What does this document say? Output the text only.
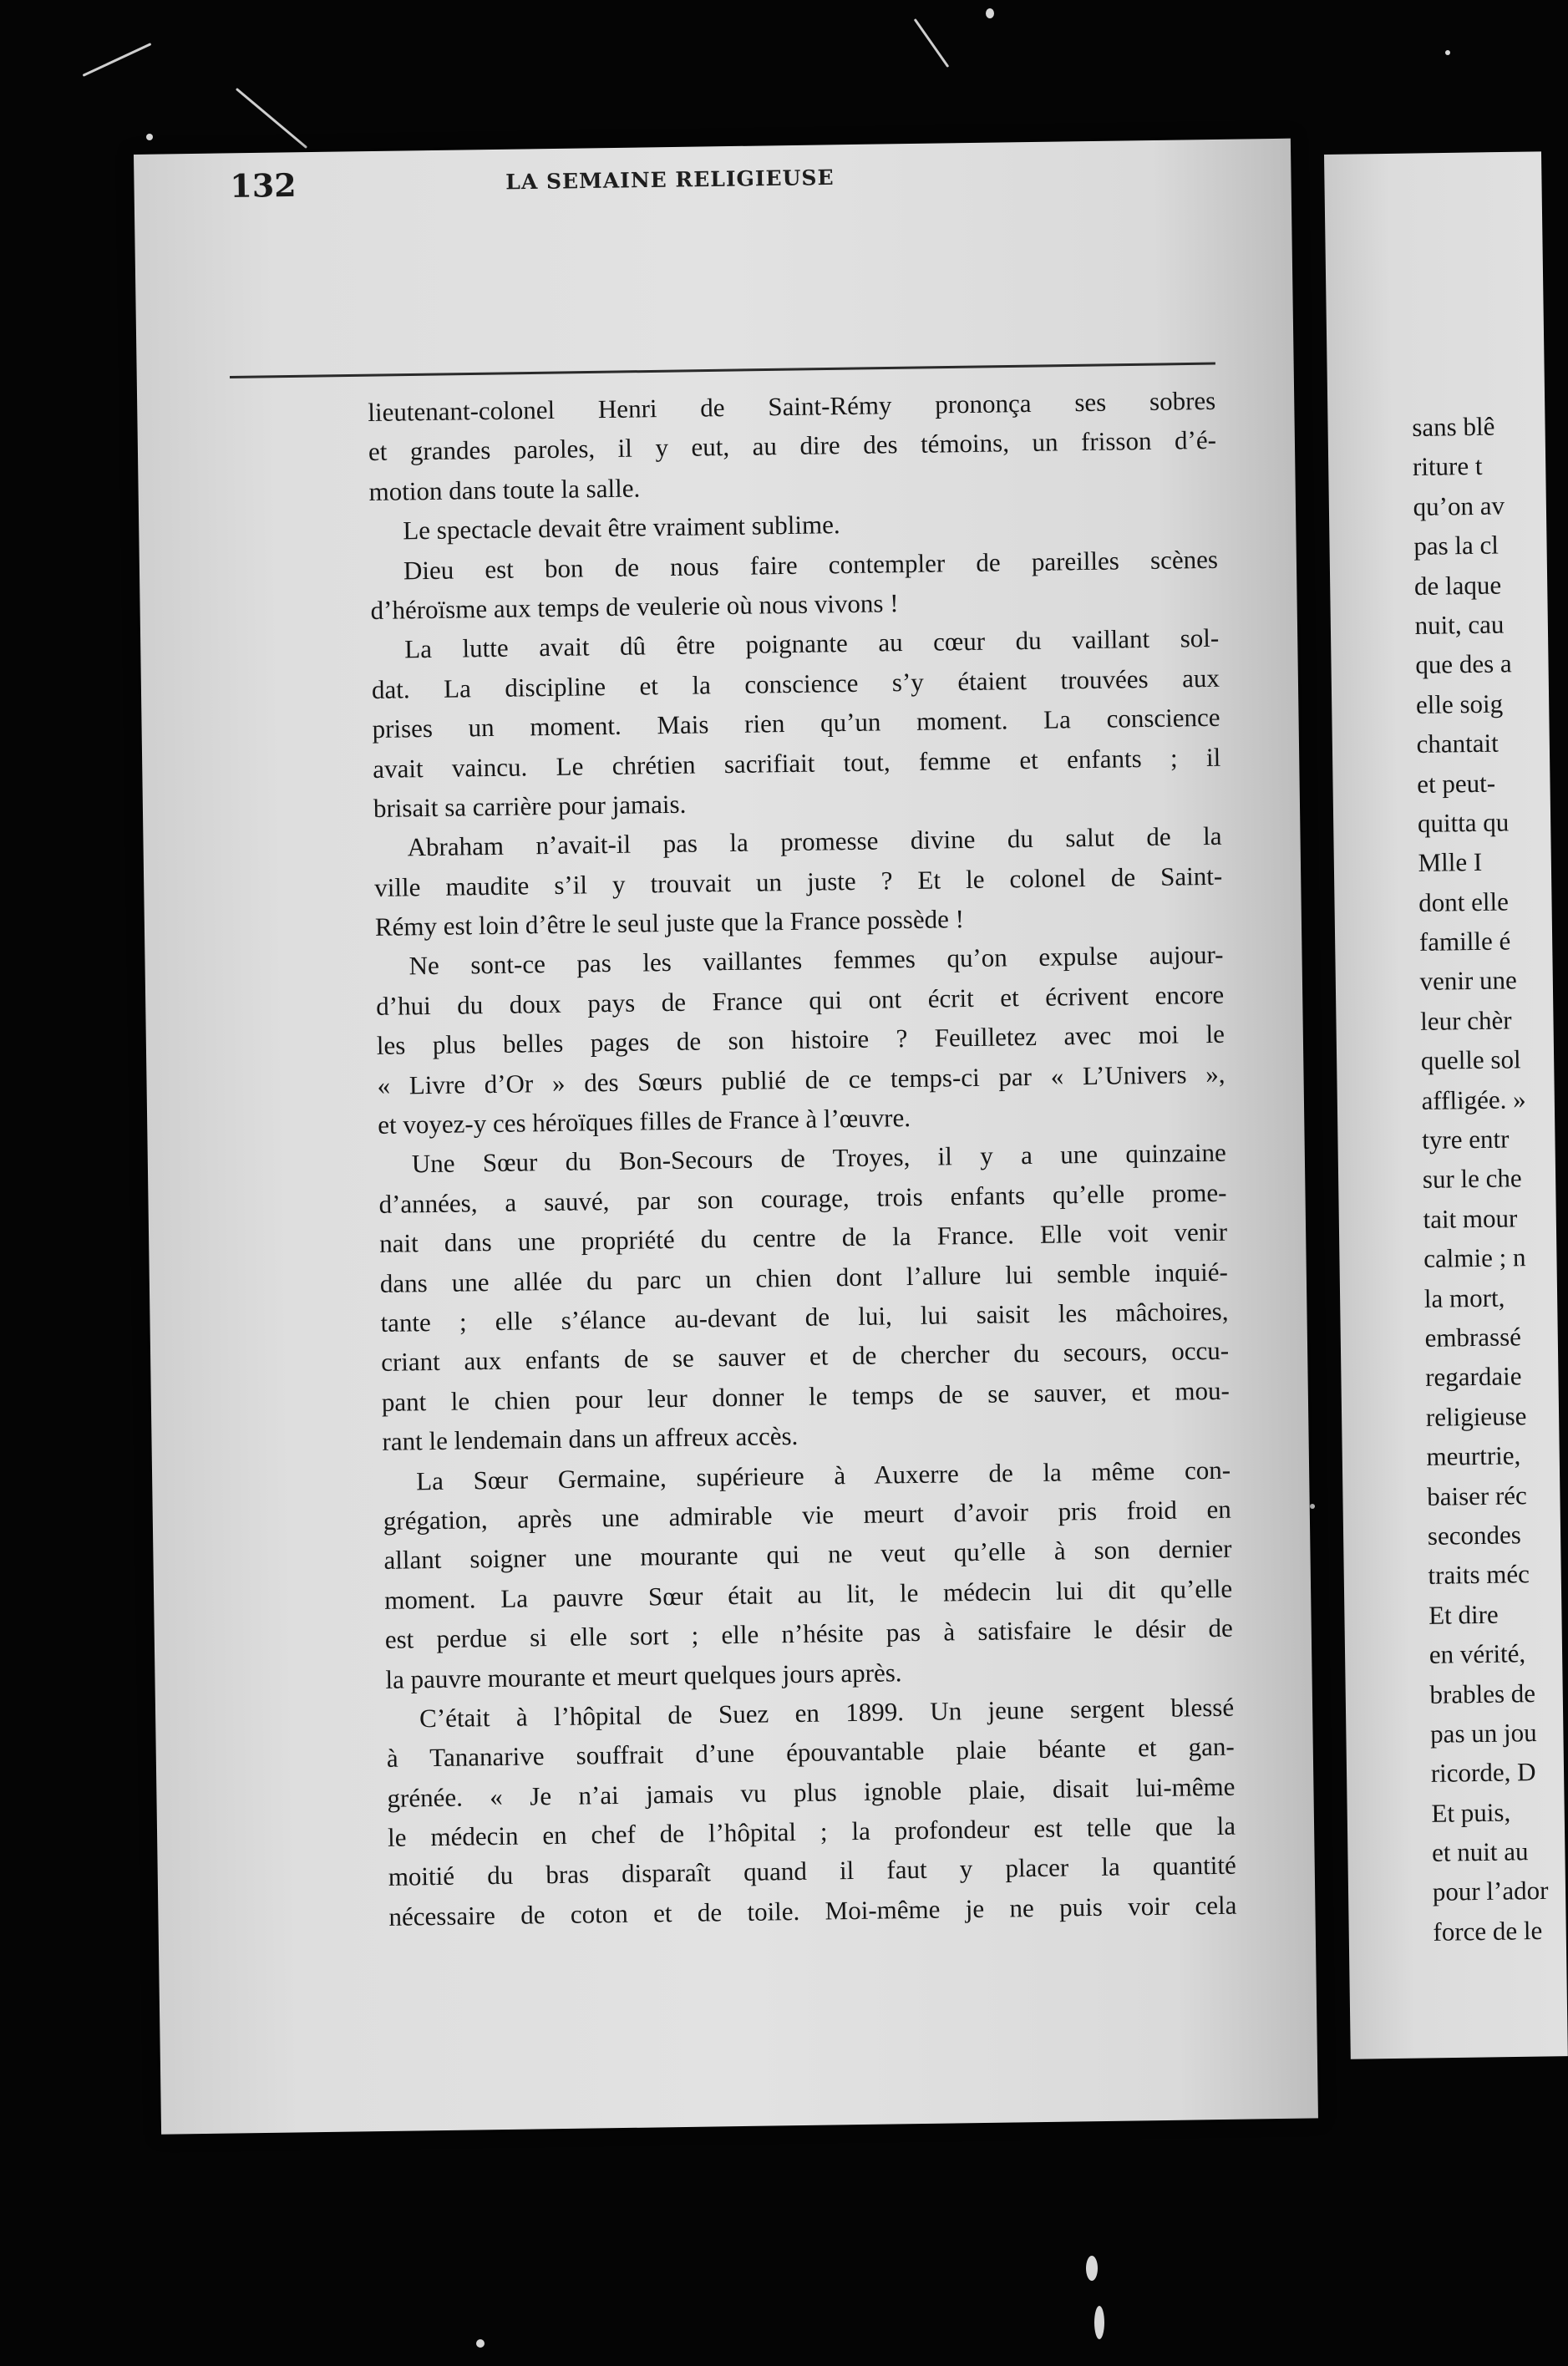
132	LA SEMAINE RELIGIEUSE
lieutenant-colonel Henri de Saint-Rémy prononça ses sobres
et grandes paroles, il y eut, au dire des témoins, un frisson d’é-
motion dans toute la salle.
Le spectacle devait être vraiment sublime.
Dieu est bon de nous faire contempler de pareilles scènes
d’héroïsme aux temps de veulerie où nous vivons !
La lutte avait dû être poignante au cœur du vaillant sol-
dat. La discipline et la conscience s’y étaient trouvées aux
prises un moment. Mais rien qu’un moment. La conscience
avait vaincu. Le chrétien sacrifiait tout, femme et enfants ; il
brisait sa carrière pour jamais.
Abraham n’avait-il pas la promesse divine du salut de la
ville maudite s’il y trouvait un juste ? Et le colonel de Saint-
Rémy est loin d’être le seul juste que la France possède !
Ne sont-ce pas les vaillantes femmes qu’on expulse aujour-
d’hui du doux pays de France qui ont écrit et écrivent encore
les plus belles pages de son histoire ? Feuilletez avec moi le
« Livre d’Or » des Sœurs publié de ce temps-ci par « L’Univers »,
et voyez-y ces héroïques filles de France à l’œuvre.
Une Sœur du Bon-Secours de Troyes, il y a une quinzaine
d’années, a sauvé, par son courage, trois enfants qu’elle prome-
nait dans une propriété du centre de la France. Elle voit venir
dans une allée du parc un chien dont l’allure lui semble inquié-
tante ; elle s’élance au-devant de lui, lui saisit les mâchoires,
criant aux enfants de se sauver et de chercher du secours, occu-
pant le chien pour leur donner le temps de se sauver, et mou-
rant le lendemain dans un affreux accès.
La Sœur Germaine, supérieure à Auxerre de la même con-
grégation, après une admirable vie meurt d’avoir pris froid en
allant soigner une mourante qui ne veut qu’elle à son dernier
moment. La pauvre Sœur était au lit, le médecin lui dit qu’elle
est perdue si elle sort ; elle n’hésite pas à satisfaire le désir de
la pauvre mourante et meurt quelques jours après.
C’était à l’hôpital de Suez en 1899. Un jeune sergent blessé
à Tananarive souffrait d’une épouvantable plaie béante et gan-
grénée. « Je n’ai jamais vu plus ignoble plaie, disait lui-même
le médecin en chef de l’hôpital ; la profondeur est telle que la
moitié du bras disparaît quand il faut y placer la quantité
nécessaire de coton et de toile. Moi-même je ne puis voir cela
sans blê
riture t
qu’on av
pas la cl
de laque
nuit, cau
que des a
elle soig
chantait
et peut-
quitta qu
Mlle I
dont elle
famille é
venir une
leur chèr
quelle sol
affligée. »
tyre entr
sur le che
tait mour
calmie ; n
la mort,
embrassé
regardaie
religieuse
meurtrie,
baiser réc
secondes
traits méc
Et dire
en vérité,
brables de
pas un jou
ricorde, D
Et puis,
et nuit au
pour l’ador
force de le
